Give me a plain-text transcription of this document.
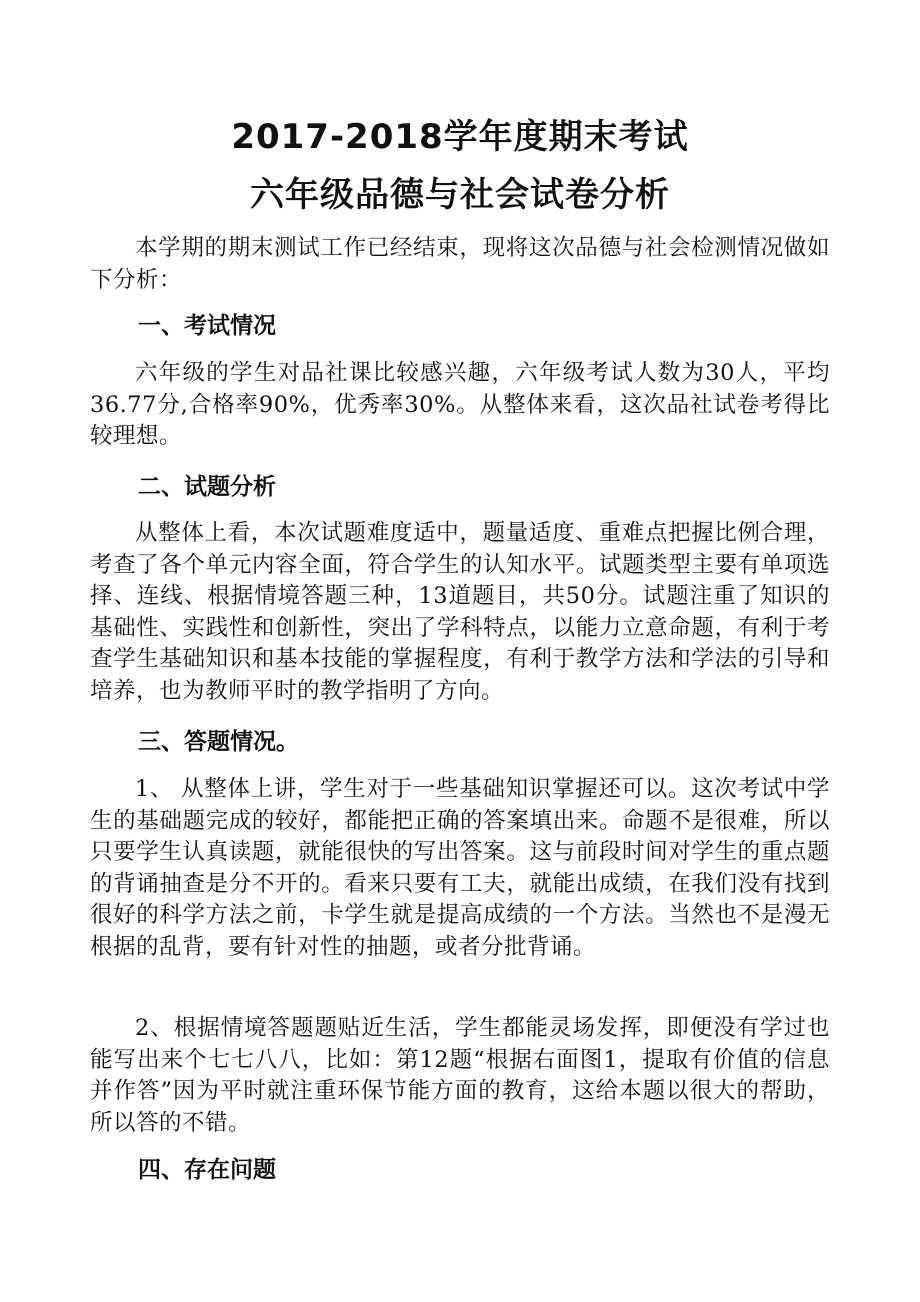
2017-2018学年度期末考试
六年级品德与社会试卷分析

本学期的期末测试工作已经结束，现将这次品德与社会检测情况做如下分析：

一、考试情况

六年级的学生对品社课比较感兴趣，六年级考试人数为30人，平均36.77分,合格率90%，优秀率30%。从整体来看，这次品社试卷考得比较理想。

二、试题分析

从整体上看，本次试题难度适中，题量适度、重难点把握比例合理，考查了各个单元内容全面，符合学生的认知水平。试题类型主要有单项选择、连线、根据情境答题三种，13道题目，共50分。试题注重了知识的基础性、实践性和创新性，突出了学科特点，以能力立意命题，有利于考查学生基础知识和基本技能的掌握程度，有利于教学方法和学法的引导和培养，也为教师平时的教学指明了方向。

三、答题情况。

1、 从整体上讲，学生对于一些基础知识掌握还可以。这次考试中学生的基础题完成的较好，都能把正确的答案填出来。命题不是很难，所以只要学生认真读题，就能很快的写出答案。这与前段时间对学生的重点题的背诵抽查是分不开的。看来只要有工夫，就能出成绩，在我们没有找到很好的科学方法之前，卡学生就是提高成绩的一个方法。当然也不是漫无根据的乱背，要有针对性的抽题，或者分批背诵。

2、根据情境答题题贴近生活，学生都能灵场发挥，即便没有学过也能写出来个七七八八，比如：第12题“根据右面图1，提取有价值的信息并作答”因为平时就注重环保节能方面的教育，这给本题以很大的帮助，所以答的不错。

四、存在问题
